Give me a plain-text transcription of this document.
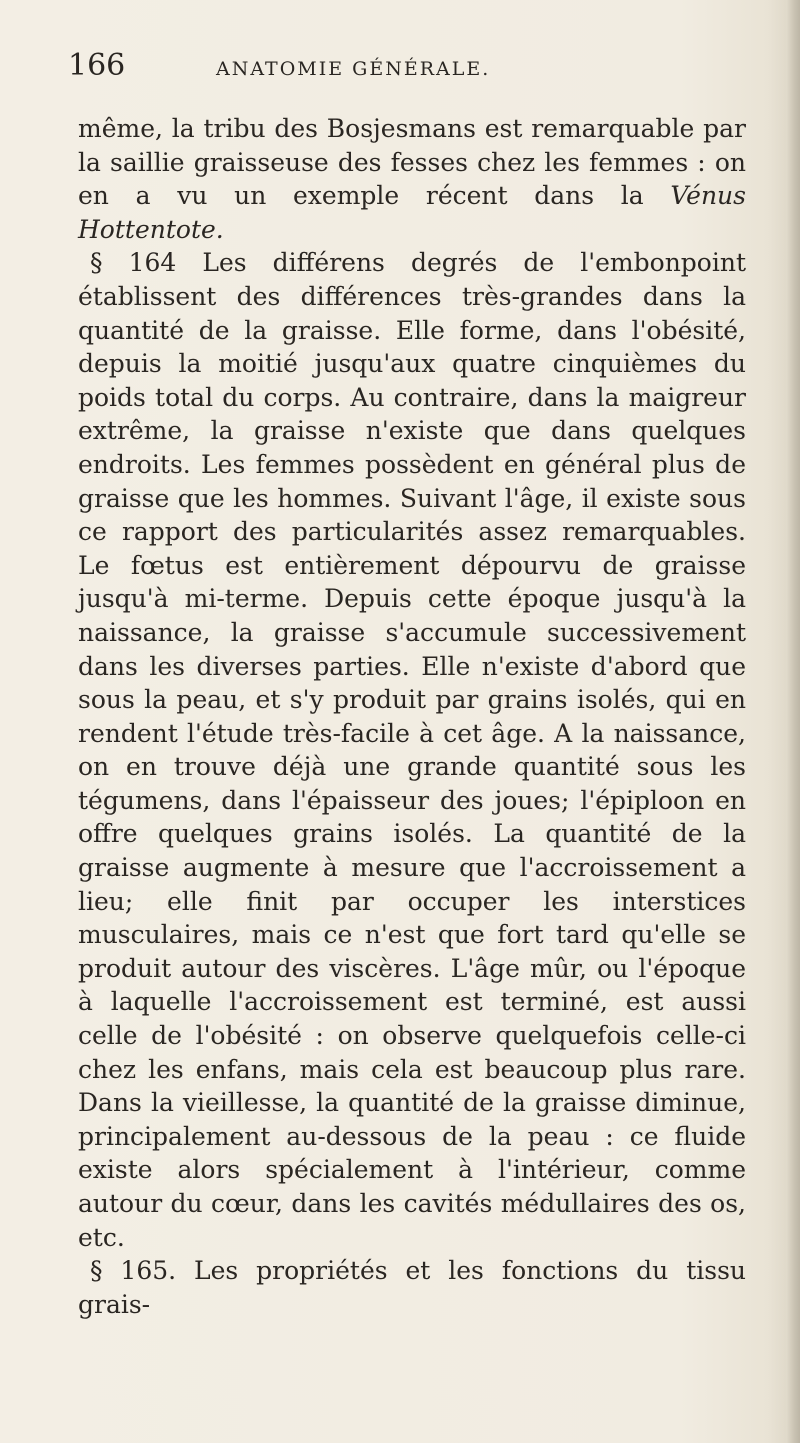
166	ANATOMIE GÉNÉRALE.

même, la tribu des Bosjesmans est remarquable par la saillie graisseuse des fesses chez les femmes : on en a vu un exemple récent dans la Vénus Hottentote.

§ 164 Les différens degrés de l'embonpoint établissent des différences très-grandes dans la quantité de la graisse. Elle forme, dans l'obésité, depuis la moitié jusqu'aux quatre cinquièmes du poids total du corps. Au contraire, dans la maigreur extrême, la graisse n'existe que dans quelques endroits. Les femmes possèdent en général plus de graisse que les hommes. Suivant l'âge, il existe sous ce rapport des particularités assez remarquables. Le fœtus est entièrement dépourvu de graisse jusqu'à mi-terme. Depuis cette époque jusqu'à la naissance, la graisse s'accumule successivement dans les diverses parties. Elle n'existe d'abord que sous la peau, et s'y produit par grains isolés, qui en rendent l'étude très-facile à cet âge. A la naissance, on en trouve déjà une grande quantité sous les tégumens, dans l'épaisseur des joues; l'épiploon en offre quelques grains isolés. La quantité de la graisse augmente à mesure que l'accroissement a lieu; elle finit par occuper les interstices musculaires, mais ce n'est que fort tard qu'elle se produit autour des viscères. L'âge mûr, ou l'époque à laquelle l'accroissement est terminé, est aussi celle de l'obésité : on observe quelquefois celle-ci chez les enfans, mais cela est beaucoup plus rare. Dans la vieillesse, la quantité de la graisse diminue, principalement au-dessous de la peau : ce fluide existe alors spécialement à l'intérieur, comme autour du cœur, dans les cavités médullaires des os, etc.

§ 165. Les propriétés et les fonctions du tissu grais-
